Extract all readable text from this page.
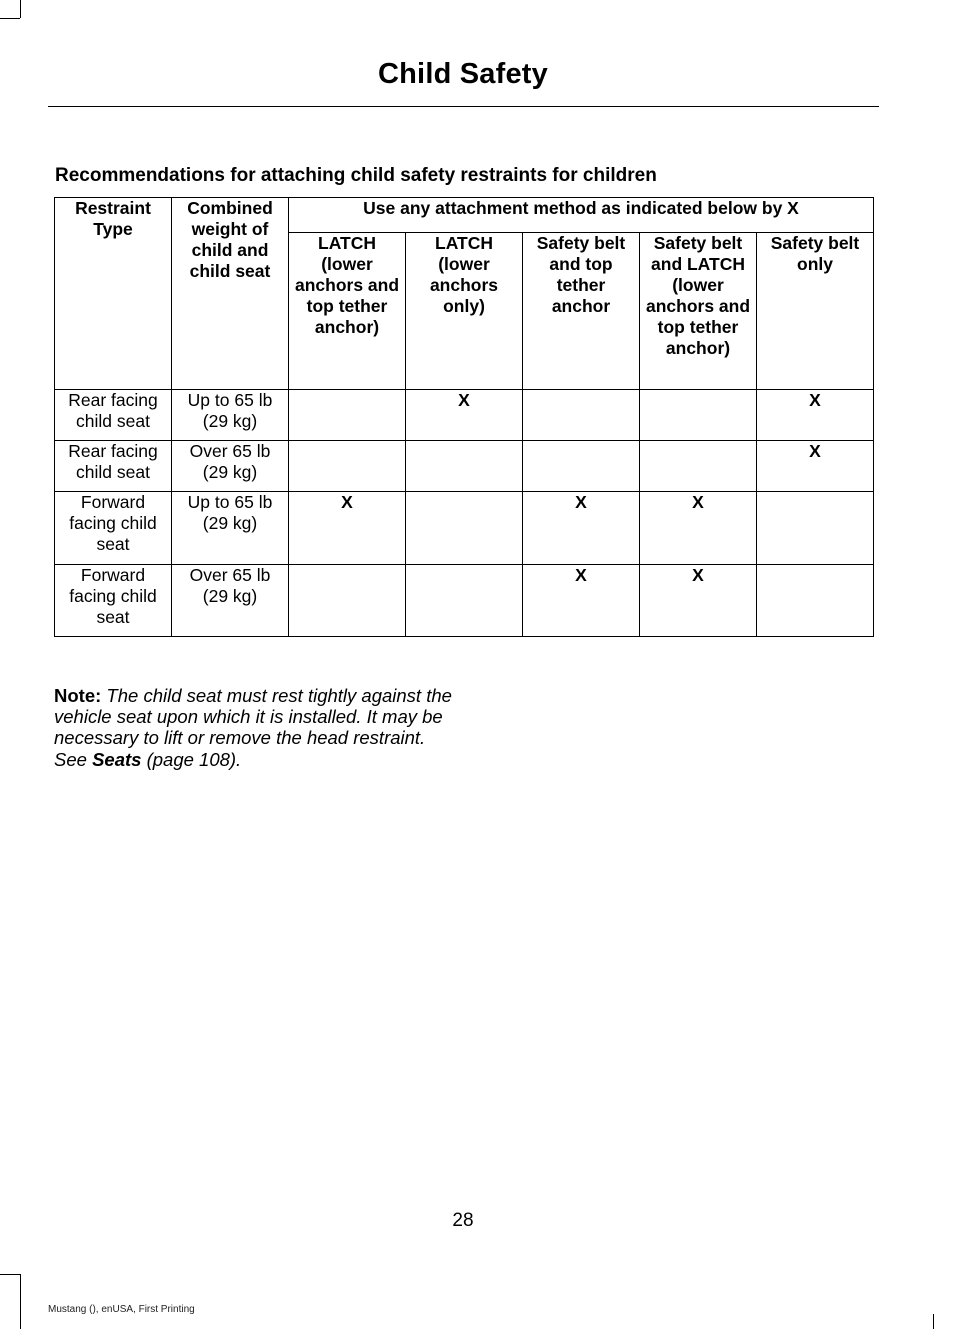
Child Safety
Recommendations for attaching child safety restraints for children
Restraint Type	Combined weight of child and child seat	Use any attachment method as indicated below by X				
		LATCH (lower anchors and top tether anchor)	LATCH (lower anchors only)	Safety belt and top tether anchor	Safety belt and LATCH (lower anchors and top tether anchor)	Safety belt only
Rear facing child seat	Up to 65 lb (29 kg)		X			X
Rear facing child seat	Over 65 lb (29 kg)					X
Forward facing child seat	Up to 65 lb (29 kg)	X		X	X	
Forward facing child seat	Over 65 lb (29 kg)			X	X	
Note: The child seat must rest tightly against the vehicle seat upon which it is installed. It may be necessary to lift or remove the head restraint. See Seats (page 108).
28
Mustang (), enUSA, First Printing
